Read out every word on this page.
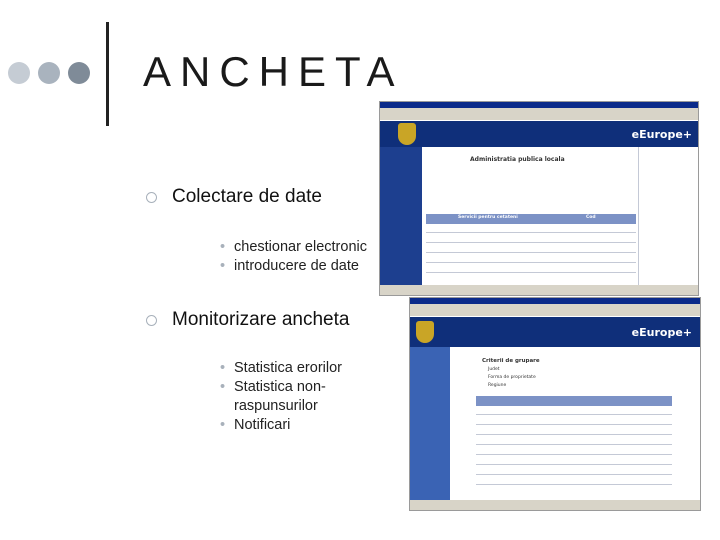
ANCHETA
Colectare de date
• chestionar electronic
• introducere de date
Monitorizare ancheta
• Statistica erorilor
• Statistica non-
raspunsurilor
• Notificari
eEurope+
Administratia publica locala
Servicii pentru cetateni	Cod
eEurope+
Criterii de grupare
Judet
Forma de proprietate
Regiune
